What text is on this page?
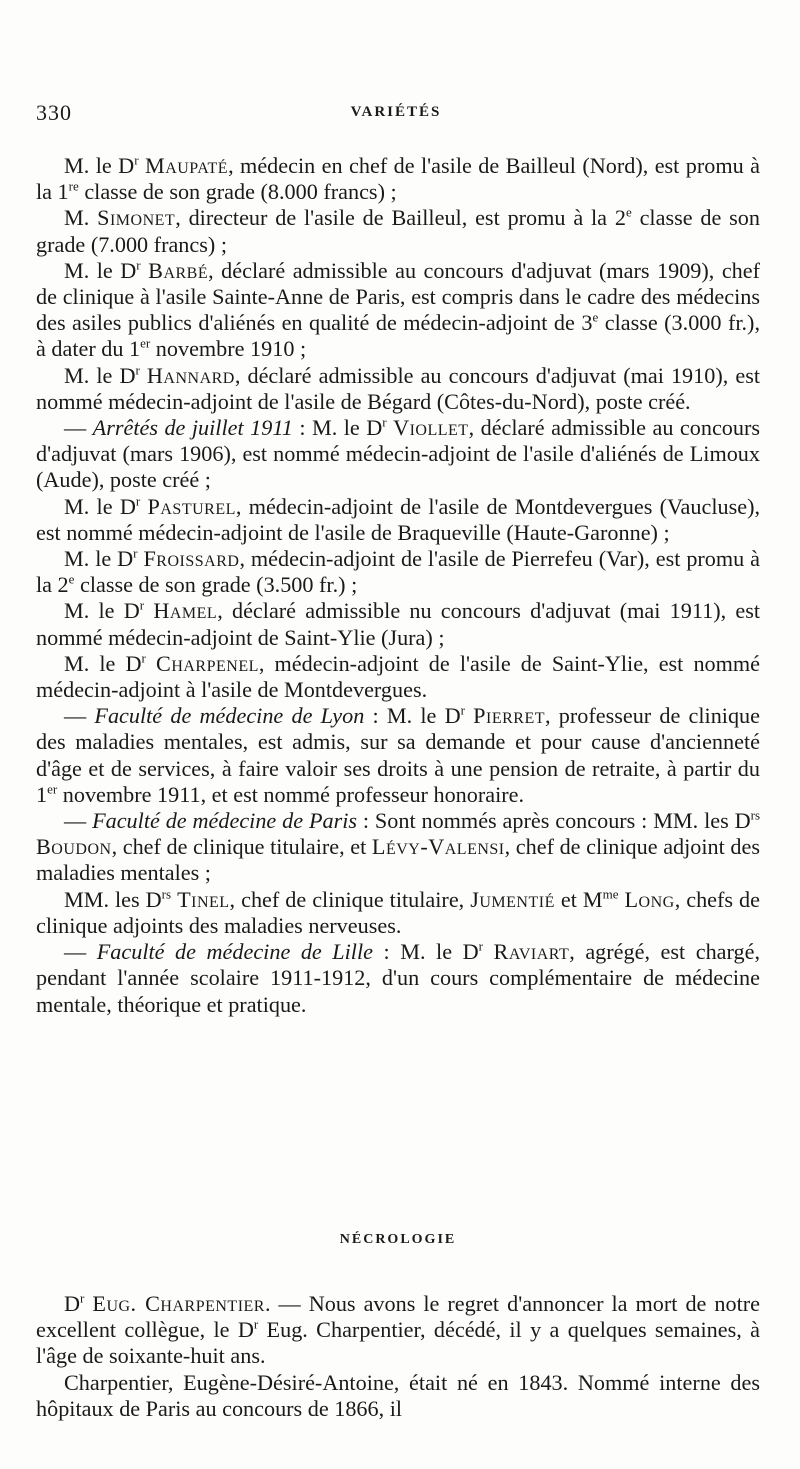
330	VARIÉTÉS

M. le $D^r$ Maupaté, médecin en chef de l'asile de Bailleul (Nord), est promu à la 1re classe de son grade (8.000 francs) ;

M. Simonet, directeur de l'asile de Bailleul, est promu à la 2e classe de son grade (7.000 francs) ;

M. le $D^r$ Barbé, déclaré admissible au concours d'adjuvat (mars 1909), chef de clinique à l'asile Sainte-Anne de Paris, est compris dans le cadre des médecins des asiles publics d'aliénés en qualité de médecin-adjoint de 3e classe (3.000 fr.), à dater du 1er novembre 1910 ;

M. le $D^r$ Hannard, déclaré admissible au concours d'adjuvat (mai 1910), est nommé médecin-adjoint de l'asile de Bégard (Côtes-du-Nord), poste créé.

— Arrêtés de juillet 1911 : M. le $D^r$ Viollet, déclaré admissible au concours d'adjuvat (mars 1906), est nommé médecin-adjoint de l'asile d'aliénés de Limoux (Aude), poste créé ;

M. le $D^r$ Pasturel, médecin-adjoint de l'asile de Montdevergues (Vaucluse), est nommé médecin-adjoint de l'asile de Braqueville (Haute-Garonne) ;

M. le $D^r$ Froissard, médecin-adjoint de l'asile de Pierrefeu (Var), est promu à la 2e classe de son grade (3.500 fr.) ;

M. le $D^r$ Hamel, déclaré admissible nu concours d'adjuvat (mai 1911), est nommé médecin-adjoint de Saint-Ylie (Jura) ;

M. le $D^r$ Charpenel, médecin-adjoint de l'asile de Saint-Ylie, est nommé médecin-adjoint à l'asile de Montdevergues.

— Faculté de médecine de Lyon : M. le $D^r$ Pierret, professeur de clinique des maladies mentales, est admis, sur sa demande et pour cause d'ancienneté d'âge et de services, à faire valoir ses droits à une pension de retraite, à partir du 1er novembre 1911, et est nommé professeur honoraire.

— Faculté de médecine de Paris : Sont nommés après concours : MM. les $D^{rs}$ Boudon, chef de clinique titulaire, et Lévy-Valensi, chef de clinique adjoint des maladies mentales ;

MM. les $D^{rs}$ Tinel, chef de clinique titulaire, Jumentié et $M^{me}$ Long, chefs de clinique adjoints des maladies nerveuses.

— Faculté de médecine de Lille : M. le $D^r$ Raviart, agrégé, est chargé, pendant l'année scolaire 1911-1912, d'un cours complémentaire de médecine mentale, théorique et pratique.

NÉCROLOGIE

$D^r$ Eug. Charpentier. — Nous avons le regret d'annoncer la mort de notre excellent collègue, le $D^r$ Eug. Charpentier, décédé, il y a quelques semaines, à l'âge de soixante-huit ans.

Charpentier, Eugène-Désiré-Antoine, était né en 1843. Nommé interne des hôpitaux de Paris au concours de 1866, il
